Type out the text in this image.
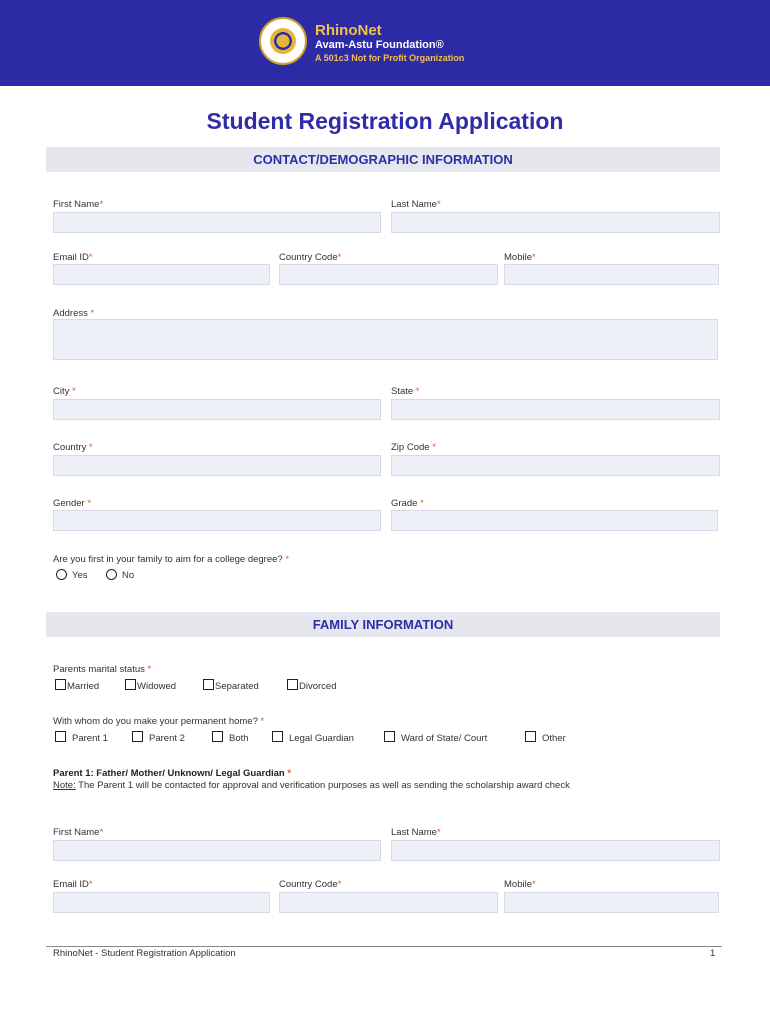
RhinoNet
Avam-Astu Foundation®
A 501c3 Not for Profit Organization
Student Registration Application
CONTACT/DEMOGRAPHIC INFORMATION
First Name*	Last Name*
Email ID*	Country Code*	Mobile*
Address *
City *	State *
Country *	Zip Code *
Gender *	Grade *
Are you first in your family to aim for a college degree? *
Yes	No
FAMILY INFORMATION
Parents marital status *
Married	Widowed	Separated	Divorced
With whom do you make your permanent home? *
Parent 1	Parent 2	Both	Legal Guardian	Ward of State/ Court	Other
Parent 1: Father/ Mother/ Unknown/ Legal Guardian *
Note: The Parent 1 will be contacted for approval and verification purposes as well as sending the scholarship award check
First Name*	Last Name*
Email ID*	Country Code*	Mobile*
RhinoNet - Student Registration Application	1
